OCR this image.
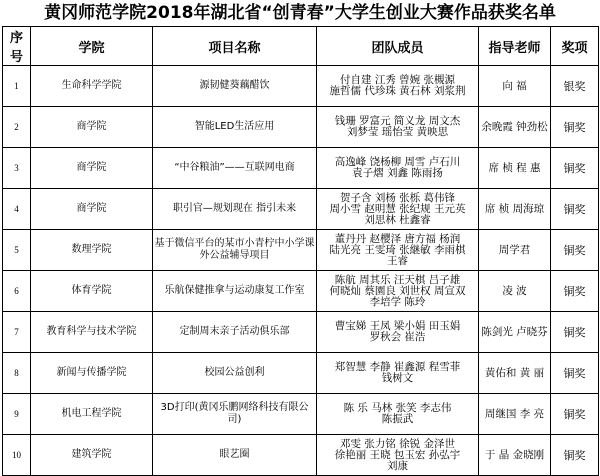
黄冈师范学院2018年湖北省“创青春”大学生创业大赛作品获奖名单
序号	学院	项目名称	团队成员	指导老师	奖项
1	生命科学学院	源韧健葵藕醋饮	付自建 江秀 曾婉 张槻源
施哲儒 代珍珠 黄石林 刘浆荆	向 福	银奖
2	商学院	智能LED生活应用	钱珊 罗富元 简义龙 周文杰
刘梦莹 瑶怡莹 黄映思	余晚霞 钟劲松	铜奖
3	商学院	“中谷粮油”——互联网电商	高逸峰 饶杨柳 周雪 卢石川
袁子熠 刘鑫 陈雨扬	席 桢 程 惠	铜奖
4	商学院	职引官—规划现在 指引未来	贺子含 刘杨 张栎 葛伟锋
周小雪 赵明慧 张纪规 王元英
刘思林 杜鑫睿	席 桢 周海琼	铜奖
5	数理学院	基于微信平台的某市小青柠中小学课外公益辅导项目	董丹丹 赵樱泽 唐方福 杨润
陆光亮 王雯琦 张継敏 李雨棋
王睿	周学君	铜奖
6	体育学院	乐航保健推拿与运动康复工作室	陈航 周其乐 汪天棋 吕子雄
何晓灿 蔡園良 刘世权 周宣双
李培学 陈玲	凌 波	铜奖
7	教育科学与技术学院	定制周末亲子活动俱乐部	曹宝娣 王凤 梁小娟 田玉娟
罗秋会 崔浩	陈剑光 卢晓芬	铜奖
8	新闻与传播学院	校园公益创利	郑智慧 李静 崔鑫源 程雪菲
钱树文	黄佑和 黄 丽	铜奖
9	机电工程学院	3D打印(黄冈乐鹏网络科技有限公司)	陈 乐 马林 张笑 李志伟
陈振武	周继国 李 亮	铜奖
10	建筑学院	眼艺圈	邓雯 张力铭 徐锐 金泽世
徐艳丽 王晓 包玉宏 孙弘宇
刘康	于 晶 金晓刚	铜奖
